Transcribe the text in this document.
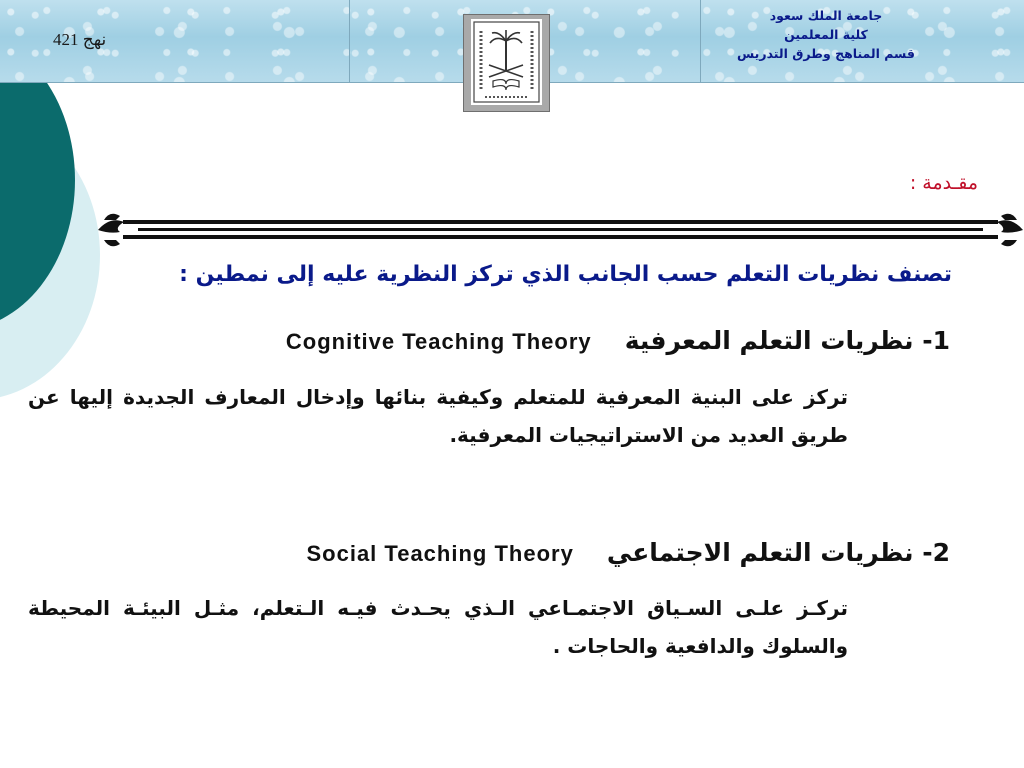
نهج 421
جامعة الملك سعود
كلية المعلمين
قسم المناهج وطرق التدريس
مقـدمة :
تصنف نظريات التعلم حسب الجانب الذي تركز النظرية عليه إلى نمطين :
1- نظريات التعلم المعرفية Cognitive Teaching Theory
تركز على البنية المعرفية للمتعلم وكيفية بنائها وإدخال المعارف الجديدة إليها عن طريق العديد من الاستراتيجيات المعرفية.
2- نظريات التعلم الاجتماعي Social Teaching Theory
تركـز علـى السـياق الاجتمـاعي الـذي يحـدث فيـه الـتعلم، مثـل البيئـة المحيطة والسلوك والدافعية والحاجات .
